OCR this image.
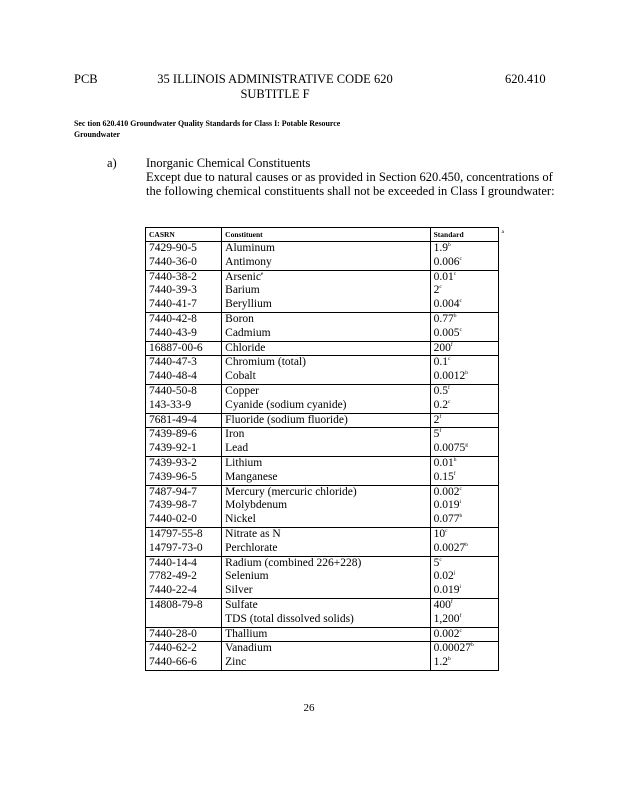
PCB	35 ILLINOIS ADMINISTRATIVE CODE 620
SUBTITLE F
620.410
Sec tion 620.410 Groundwater Quality Standards for Class I: Potable Resource
Groundwater
a) Inorganic Chemical Constituents
Except due to natural causes or as provided in Section 620.450, concentrations of
the following chemical constituents shall not be exceeded in Class I groundwater:
CASRN	Constituent	Standard	a
7429-90-5	Aluminum	1.9$^b$	
7440-36-0	Antimony	0.006$^c$	
7440-38-2	Arsenic$^e$	0.01$^c$	
7440-39-3	Barium	2$^c$	
7440-41-7	Beryllium	0.004$^c$	
7440-42-8	Boron	0.77$^b$	
7440-43-9	Cadmium	0.005$^c$	
16887-00-6	Chloride	200$^f$	
7440-47-3	Chromium (total)	0.1$^c$	
7440-48-4	Cobalt	0.0012$^b$	
7440-50-8	Copper	0.5$^f$	
143-33-9	Cyanide (sodium cyanide)	0.2$^c$	
7681-49-4	Fluoride (sodium fluoride)	2$^f$	
7439-89-6	Iron	5$^f$	
7439-92-1	Lead	0.0075$^g$	
7439-93-2	Lithium	0.01$^h$	
7439-96-5	Manganese	0.15$^f$	
7487-94-7	Mercury (mercuric chloride)	0.002$^c$	
7439-98-7	Molybdenum	0.019$^i$	
7440-02-0	Nickel	0.077$^b$	
14797-55-8	Nitrate as N	10$^c$	
14797-73-0	Perchlorate	0.0027$^b$	
7440-14-4	Radium (combined 226+228)	5$^c$	
7782-49-2	Selenium	0.02$^j$	
7440-22-4	Silver	0.019$^i$	
14808-79-8	Sulfate	400$^f$	
	TDS (total dissolved solids)	1,200$^f$	
7440-28-0	Thallium	0.002$^c$	
7440-62-2	Vanadium	0.00027$^b$	
7440-66-6	Zinc	1.2$^b$	
26
